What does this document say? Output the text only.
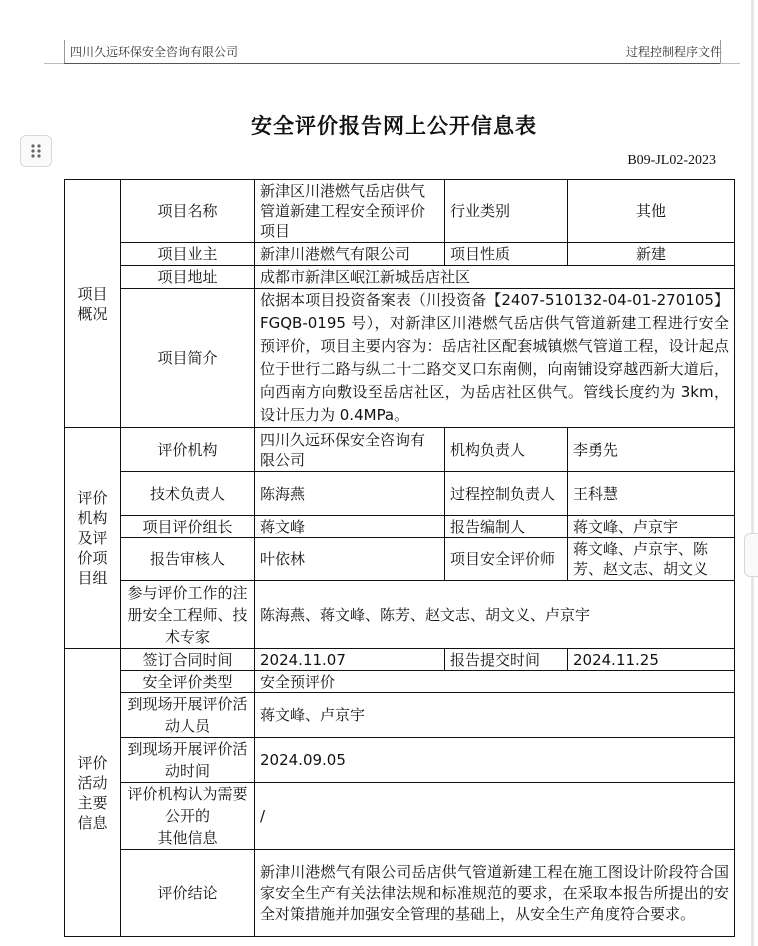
四川久远环保安全咨询有限公司	过程控制程序文件
安全评价报告网上公开信息表
B09-JL02-2023
项目
概况	项目名称	新津区川港燃气岳店供气管道新建工程安全预评价项目	行业类别	其他
	项目业主	新津川港燃气有限公司	项目性质	新建
	项目地址	成都市新津区岷江新城岳店社区		
	项目简介	依据本项目投资备案表（川投资备【2407-510132-04-01-270105】FGQB-0195 号），对新津区川港燃气岳店供气管道新建工程进行安全预评价，项目主要内容为：岳店社区配套城镇燃气管道工程，设计起点位于世行二路与纵二十二路交叉口东南侧，向南铺设穿越西新大道后，向西南方向敷设至岳店社区，为岳店社区供气。管线长度约为 3km，设计压力为 0.4MPa。		
评价
机构
及评
价项
目组	评价机构	四川久远环保安全咨询有限公司	机构负责人	李勇先
	技术负责人	陈海燕	过程控制负责人	王科慧
	项目评价组长	蒋文峰	报告编制人	蒋文峰、卢京宇
	报告审核人	叶依林	项目安全评价师	蒋文峰、卢京宇、陈芳、赵文志、胡文义
	参与评价工作的注册安全工程师、技术专家	陈海燕、蒋文峰、陈芳、赵文志、胡文义、卢京宇		
评价
活动
主要
信息	签订合同时间	2024.11.07	报告提交时间	2024.11.25
	安全评价类型	安全预评价		
	到现场开展评价活动人员	蒋文峰、卢京宇		
	到现场开展评价活动时间	2024.09.05		
	评价机构认为需要公开的
其他信息	/		
	评价结论	新津川港燃气有限公司岳店供气管道新建工程在施工图设计阶段符合国家安全生产有关法律法规和标准规范的要求，在采取本报告所提出的安全对策措施并加强安全管理的基础上，从安全生产角度符合要求。		
